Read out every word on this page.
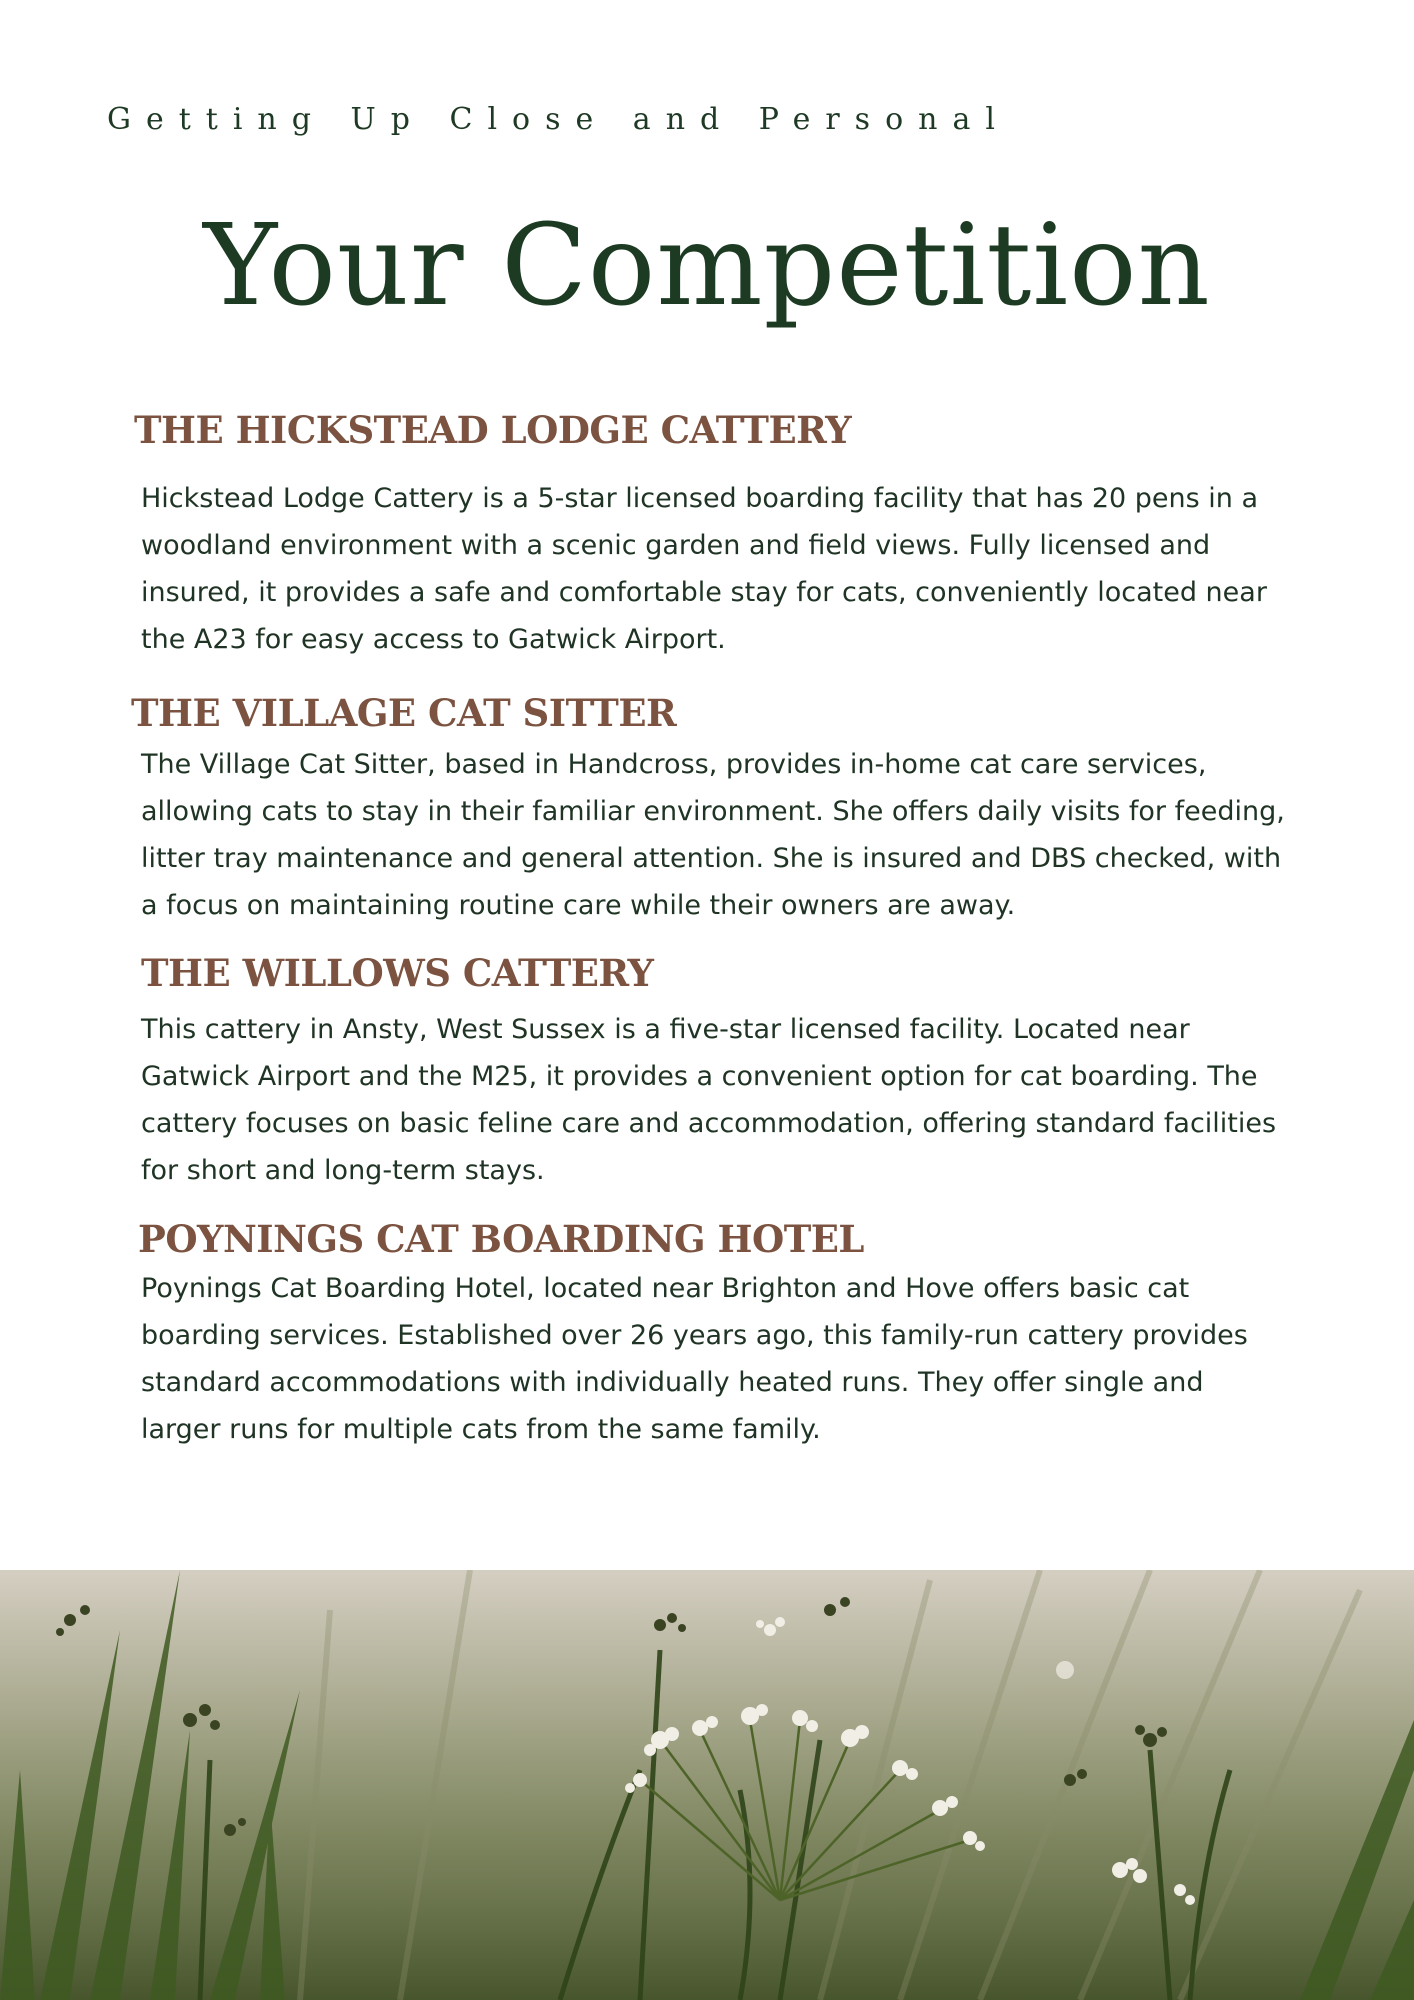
Getting Up Close and Personal
Your Competition
THE HICKSTEAD LODGE CATTERY

Hickstead Lodge Cattery is a 5-star licensed boarding facility that has 20 pens in a woodland environment with a scenic garden and field views. Fully licensed and insured, it provides a safe and comfortable stay for cats, conveniently located near the A23 for easy access to Gatwick Airport.

THE VILLAGE CAT SITTER

The Village Cat Sitter, based in Handcross, provides in-home cat care services, allowing cats to stay in their familiar environment. She offers daily visits for feeding, litter tray maintenance and general attention. She is insured and DBS checked, with a focus on maintaining routine care while their owners are away.

THE WILLOWS CATTERY

This cattery in Ansty, West Sussex is a five-star licensed facility. Located near Gatwick Airport and the M25, it provides a convenient option for cat boarding. The cattery focuses on basic feline care and accommodation, offering standard facilities for short and long-term stays.

POYNINGS CAT BOARDING HOTEL

Poynings Cat Boarding Hotel, located near Brighton and Hove offers basic cat boarding services. Established over 26 years ago, this family-run cattery provides standard accommodations with individually heated runs. They offer single and larger runs for multiple cats from the same family.
